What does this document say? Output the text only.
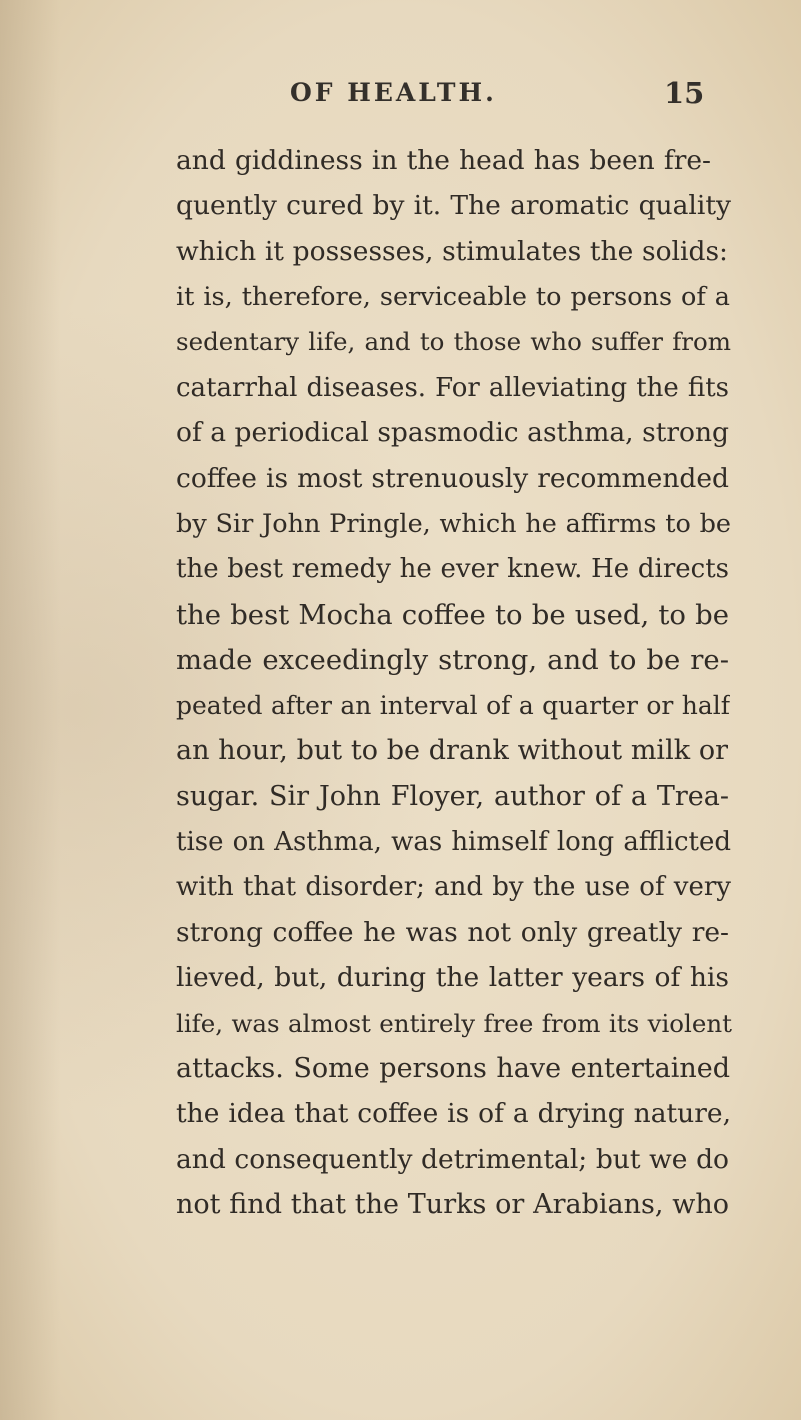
OF HEALTH.	15
and giddiness in the head has been fre-
quently cured by it. The aromatic quality
which it possesses, stimulates the solids:
it is, therefore, serviceable to persons of a
sedentary life, and to those who suffer from
catarrhal diseases. For alleviating the fits
of a periodical spasmodic asthma, strong
coffee is most strenuously recommended
by Sir John Pringle, which he affirms to be
the best remedy he ever knew. He directs
the best Mocha coffee to be used, to be
made exceedingly strong, and to be re-
peated after an interval of a quarter or half
an hour, but to be drank without milk or
sugar. Sir John Floyer, author of a Trea-
tise on Asthma, was himself long afflicted
with that disorder; and by the use of very
strong coffee he was not only greatly re-
lieved, but, during the latter years of his
life, was almost entirely free from its violent
attacks. Some persons have entertained
the idea that coffee is of a drying nature,
and consequently detrimental; but we do
not find that the Turks or Arabians, who
